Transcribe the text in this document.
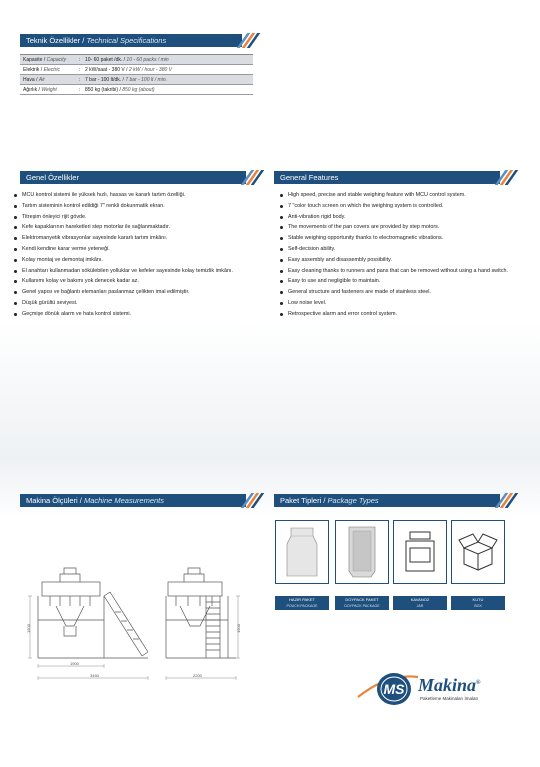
Teknik Özellikler / Technical Specifications
Kapasite / Capacity	: 10- 60 paket /dk. / 10 - 60 packs / min
Elektrik / Electric	: 2 kW/saat - 380 V / 2 kW / hour - 380 V
Hava / Air	: 7 bar - 100 lt/dk. / 7 bar - 100 lt / min.
Ağırlık / Weight	: 850 kg (takribi) / 850 kg (about)
Genel Özellikler
MCU kontrol sistemi ile yüksek hızlı, hassas ve kararlı tartım özelliği.
Tartım sisteminin kontrol edildiği 7" renkli dokunmatik ekran.
Titreşim önleyici rijit gövde.
Kefe kapaklarının hareketleri step motorlar ile sağlanmaktadır.
Elektromanyetik vibrasyonlar sayesinde kararlı tartım imkânı.
Kendi kendine karar verme yeteneği.
Kolay montaj ve demontaj imkânı.
El anahtarı kullanmadan sökülebilen yolluklar ve kefeler sayesinde kolay temizlik imkânı.
Kullanımı kolay ve bakımı yok denecek kadar az.
Genel yapısı ve bağlantı elemanları paslanmaz çelikten imal edilmiştir.
Düşük gürültü seviyesi.
Geçmişe dönük alarm ve hata kontrol sistemi.
General Features
High speed, precise and stable weighing feature with MCU control system.
7 "color touch screen on which the weighing system is controlled.
Anti-vibration rigid body.
The movements of the pan covers are provided by step motors.
Stable weighing opportunity thanks to electromagnetic vibrations.
Self-decision ability.
Easy assembly and disassembly possibility.
Easy cleaning thanks to runners and pans that can be removed without using a hand switch.
Easy to use and negligible to maintain.
General structure and fasteners are made of stainless steel.
Low noise level.
Retrospective alarm and error control system.
Makina Ölçüleri / Machine Measurements
1500
1900
3450
1500
2200
Paket Tipleri / Package Types
HAZIR PAKET
POUCH PACKAGE
DOYPACK PAKET
DOYPACK PACKAGE
KAVANOZ
JAR
KUTU
BOX
MS Makina®
Paketleme Makinaları İmalatı
